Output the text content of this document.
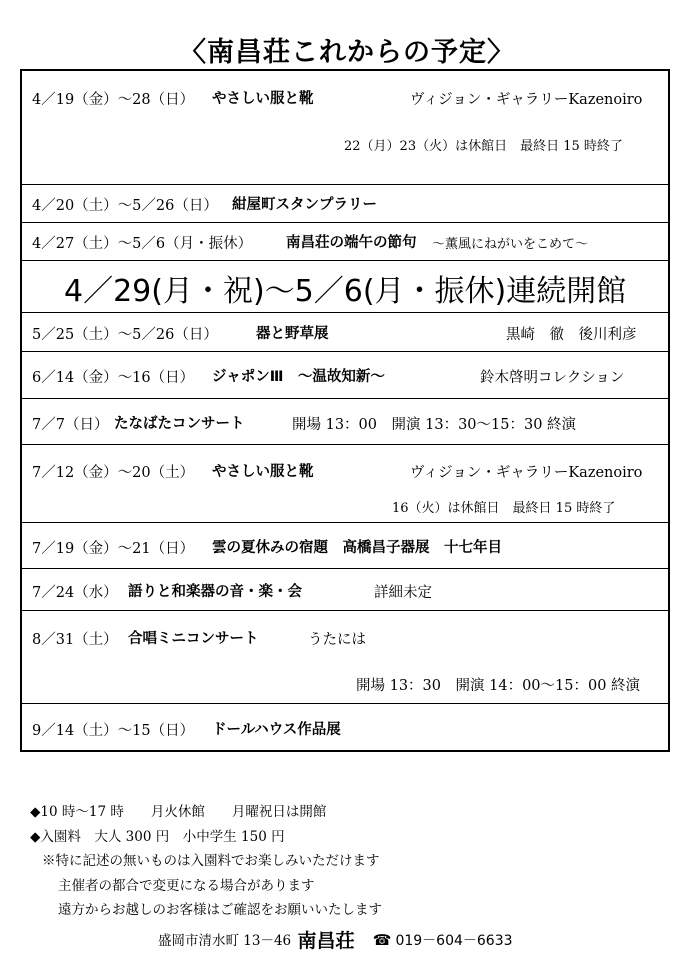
〈南昌荘これからの予定〉
4／19（金）～28（日） やさしい服と靴	ヴィジョン・ギャラリーKazenoiro
22（月）23（火）は休館日　最終日 15 時終了
4／20（土）～5／26（日） 紺屋町スタンプラリー
4／27（土）～5／6（月・振休） 南昌荘の端午の節句 ～薫風にねがいをこめて～
4／29(月・祝)～5／6(月・振休)連続開館
5／25（土）～5／26（日）	器と野草展	黒崎　徹　後川利彦
6／14（金）～16（日） ジャポンⅢ　～温故知新～	鈴木啓明コレクション
7／7（日） たなばたコンサート	開場 13：00　開演 13：30～15：30 終演
7／12（金）～20（土） やさしい服と靴	ヴィジョン・ギャラリーKazenoiro
16（火）は休館日　最終日 15 時終了
7／19（金）～21（日） 雲の夏休みの宿題　高橋昌子器展　十七年目
7／24（水） 語りと和楽器の音・楽・会	詳細未定
8／31（土） 合唱ミニコンサート	うたには
開場 13：30　開演 14：00～15：00 終演
9／14（土）～15（日） ドールハウス作品展
◆10 時～17 時　　月火休館　　月曜祝日は開館
◆入園料　大人 300 円　小中学生 150 円
※特に記述の無いものは入園料でお楽しみいただけます
主催者の都合で変更になる場合があります
遠方からお越しのお客様はご確認をお願いいたします
盛岡市清水町 13－46 南昌荘 ☎ 019－604－6633
